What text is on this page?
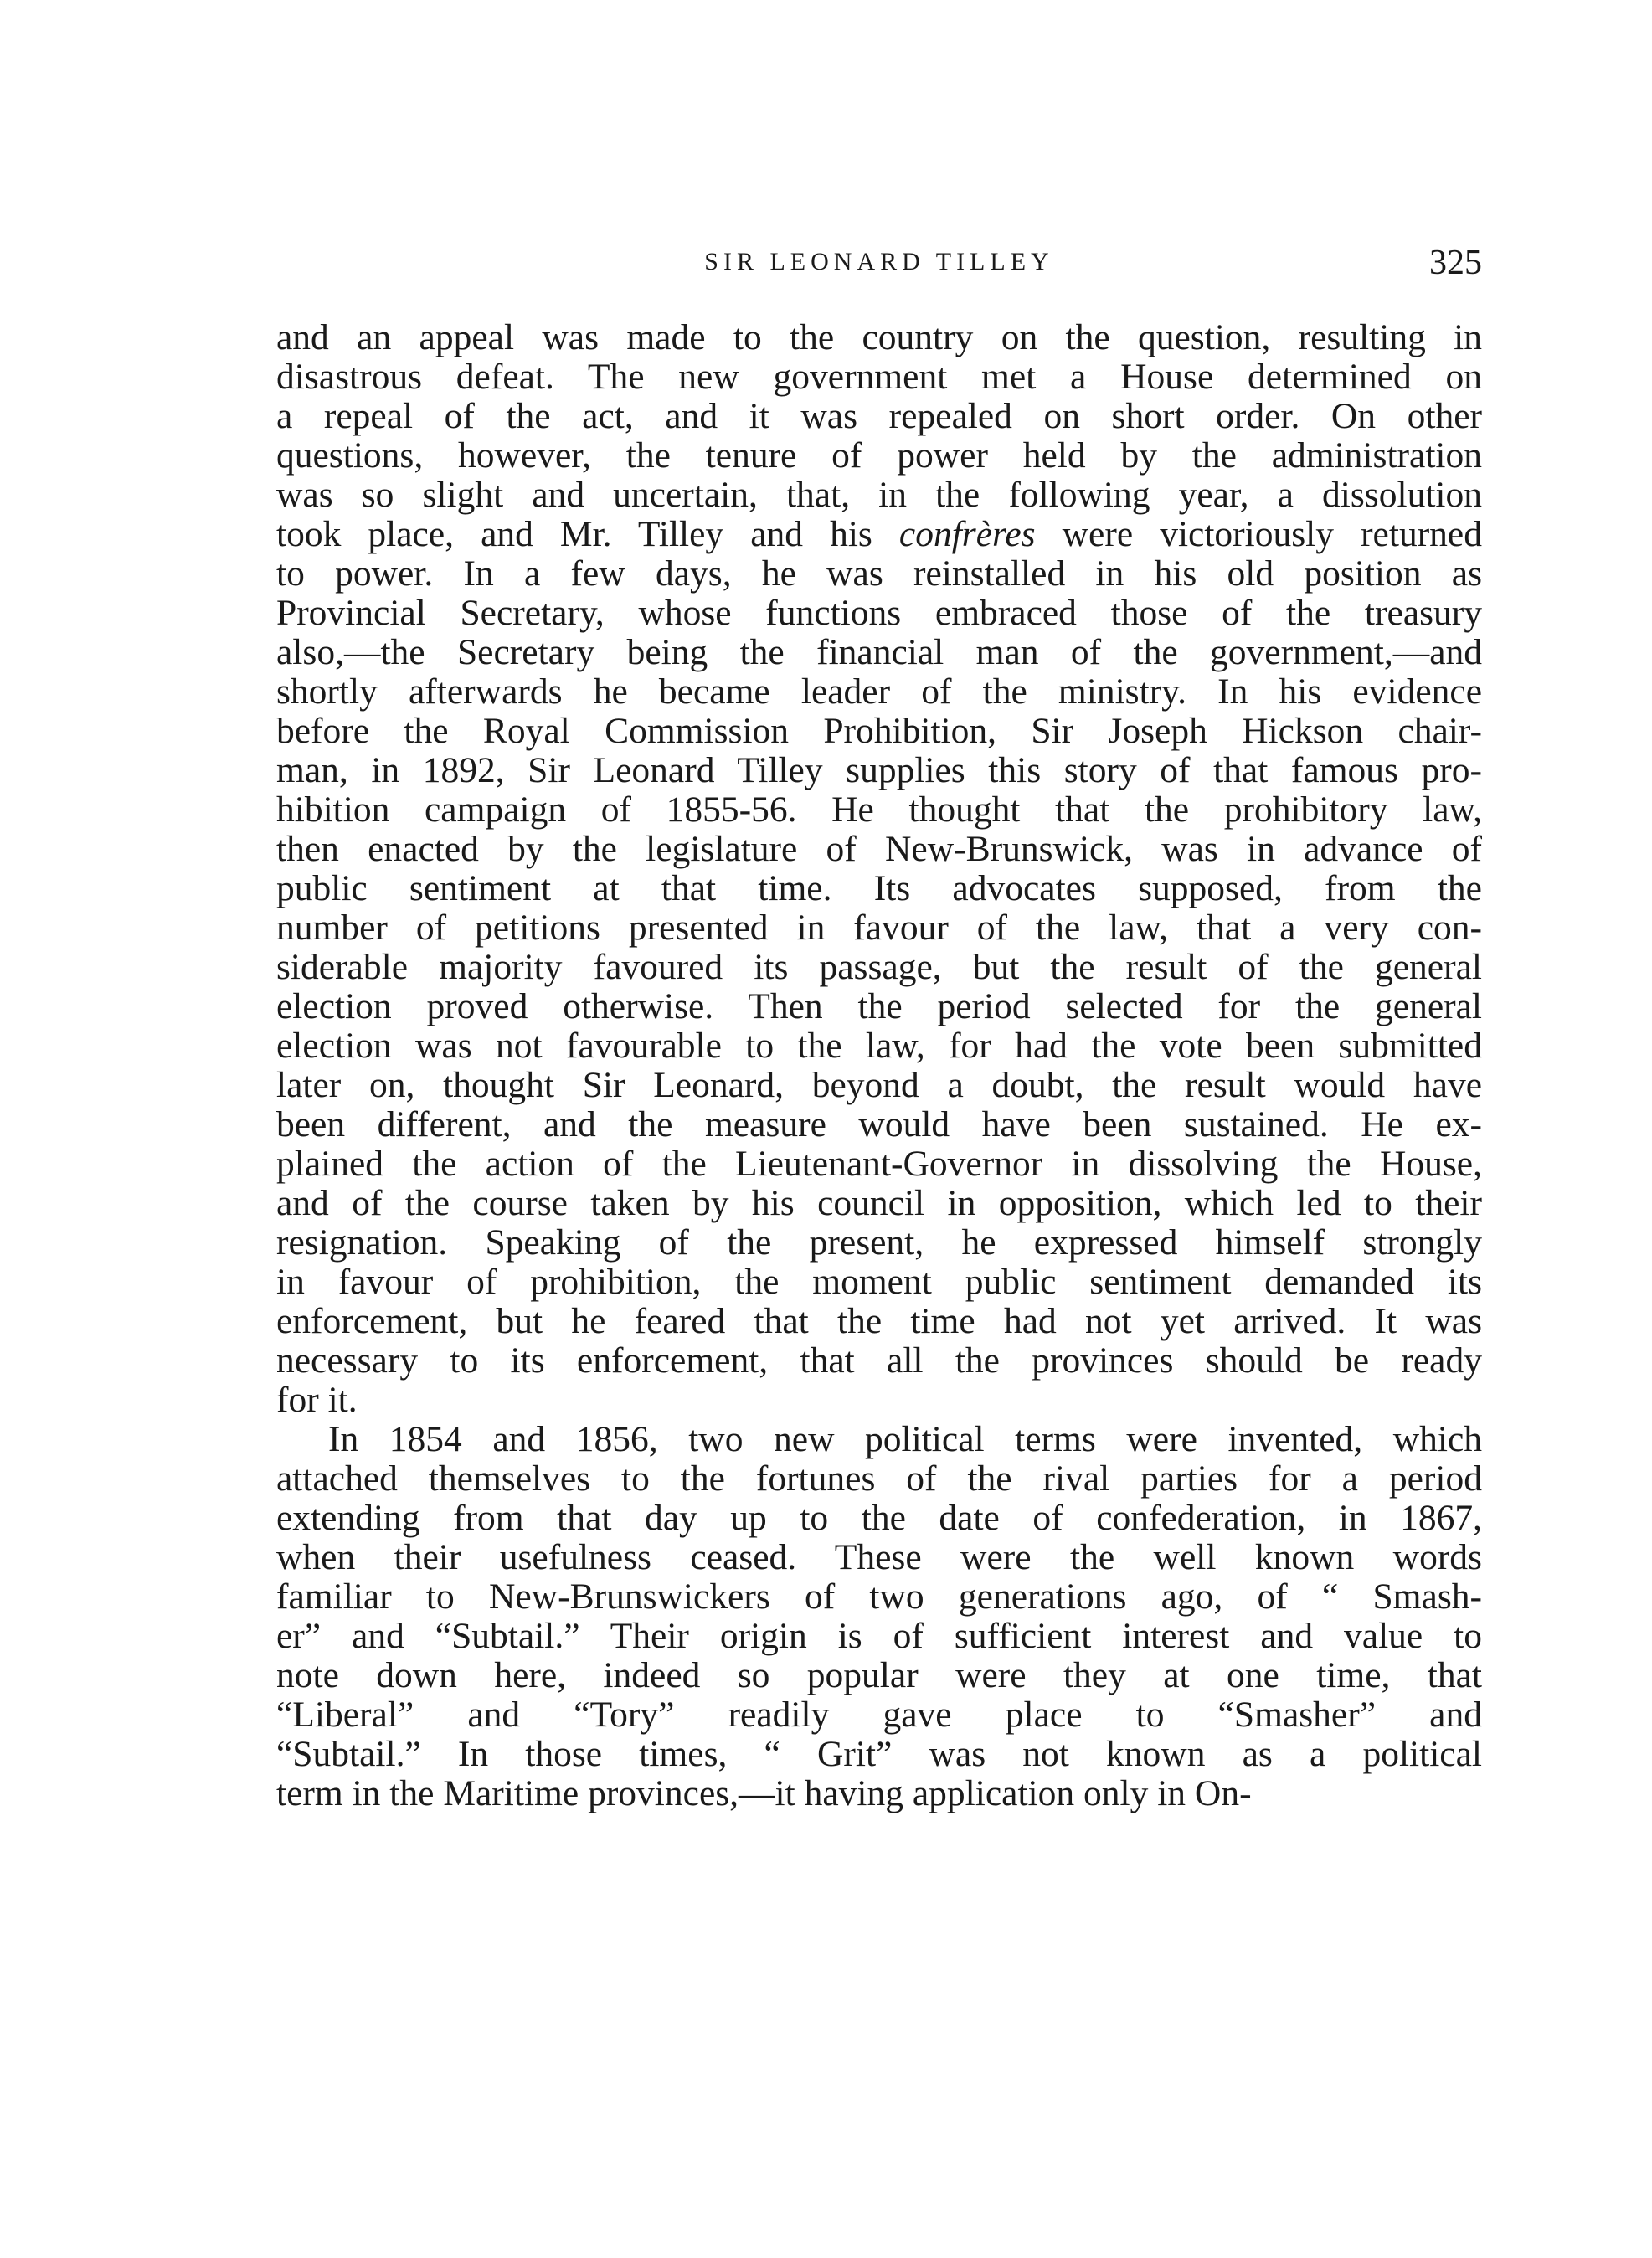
SIR LEONARD TILLEY	325
and an appeal was made to the country on the question, resulting in
disastrous defeat. The new government met a House determined on
a repeal of the act, and it was repealed on short order. On other
questions, however, the tenure of power held by the administration
was so slight and uncertain, that, in the following year, a dissolution
took place, and Mr. Tilley and his confrères were victoriously returned
to power. In a few days, he was reinstalled in his old position as
Provincial Secretary, whose functions embraced those of the treasury
also,—the Secretary being the financial man of the government,—and
shortly afterwards he became leader of the ministry. In his evidence
before the Royal Commission Prohibition, Sir Joseph Hickson chair-
man, in 1892, Sir Leonard Tilley supplies this story of that famous pro-
hibition campaign of 1855-56. He thought that the prohibitory law,
then enacted by the legislature of New-Brunswick, was in advance of
public sentiment at that time. Its advocates supposed, from the
number of petitions presented in favour of the law, that a very con-
siderable majority favoured its passage, but the result of the general
election proved otherwise. Then the period selected for the general
election was not favourable to the law, for had the vote been submitted
later on, thought Sir Leonard, beyond a doubt, the result would have
been different, and the measure would have been sustained. He ex-
plained the action of the Lieutenant-Governor in dissolving the House,
and of the course taken by his council in opposition, which led to their
resignation. Speaking of the present, he expressed himself strongly
in favour of prohibition, the moment public sentiment demanded its
enforcement, but he feared that the time had not yet arrived. It was
necessary to its enforcement, that all the provinces should be ready
for it.
In 1854 and 1856, two new political terms were invented, which
attached themselves to the fortunes of the rival parties for a period
extending from that day up to the date of confederation, in 1867,
when their usefulness ceased. These were the well known words
familiar to New-Brunswickers of two generations ago, of “ Smash-
er” and “Subtail.” Their origin is of sufficient interest and value to
note down here, indeed so popular were they at one time, that
“Liberal” and “Tory” readily gave place to “Smasher” and
“Subtail.” In those times, “ Grit” was not known as a political
term in the Maritime provinces,—it having application only in On-
